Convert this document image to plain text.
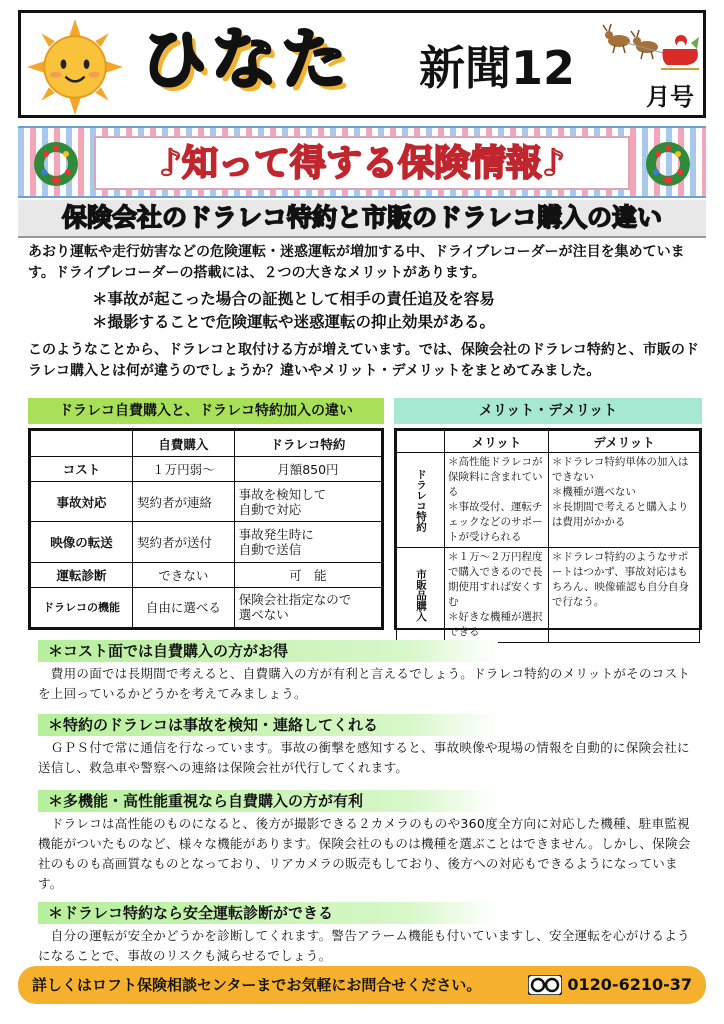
ひなた 新聞12
月号
♪知って得する保険情報♪
保険会社のドラレコ特約と市販のドラレコ購入の違い
あおり運転や走行妨害などの危険運転・迷惑運転が増加する中、ドライブレコーダーが注目を集めています。ドライブレコーダーの搭載には、２つの大きなメリットがあります。
＊事故が起こった場合の証拠として相手の責任追及を容易
＊撮影することで危険運転や迷惑運転の抑止効果がある。
このようなことから、ドラレコと取付ける方が増えています。では、保険会社のドラレコ特約と、市販のドラレコ購入とは何が違うのでしょうか？違いやメリット・デメリットをまとめてみました。
ドラレコ自費購入と、ドラレコ特約加入の違い	メリット・デメリット
	自費購入	ドラレコ特約
コスト	１万円弱～	月額850円
事故対応	契約者が連絡	事故を検知して
自動で対応
映像の転送	契約者が送付	事故発生時に
自動で送信
運転診断	できない	可　能
ドラレコの機能	自由に選べる	保険会社指定なので
選べない
	メリット	デメリット
ドラレコ特約	＊高性能ドラレコが保険料に含まれている
＊事故受付、運転チェックなどのサポートが受けられる	＊ドラレコ特約単体の加入はできない
＊機種が選べない
＊長期間で考えると購入よりは費用がかかる
市販品購入	＊１万～２万円程度で購入できるので長期使用すれば安くすむ
＊好きな機種が選択できる	＊ドラレコ特約のようなサポートはつかず、事故対応はもちろん、映像確認も自分自身で行なう。
＊コスト面では自費購入の方がお得
　費用の面では長期間で考えると、自費購入の方が有利と言えるでしょう。ドラレコ特約のメリットがそのコストを上回っているかどうかを考えてみましょう。
＊特約のドラレコは事故を検知・連絡してくれる
　ＧＰＳ付で常に通信を行なっています。事故の衝撃を感知すると、事故映像や現場の情報を自動的に保険会社に送信し、救急車や警察への連絡は保険会社が代行してくれます。
＊多機能・高性能重視なら自費購入の方が有利
　ドラレコは高性能のものになると、後方が撮影できる２カメラのものや360度全方向に対応した機種、駐車監視機能がついたものなど、様々な機能があります。保険会社のものは機種を選ぶことはできません。しかし、保険会社のものも高画質なものとなっており、リアカメラの販売もしており、後方への対応もできるようになっています。
＊ドラレコ特約なら安全運転診断ができる
　自分の運転が安全かどうかを診断してくれます。警告アラーム機能も付いていますし、安全運転を心がけるようになることで、事故のリスクも減らせるでしょう。
詳しくはロフト保険相談センターまでお気軽にお問合せください。	0120-6210-37
